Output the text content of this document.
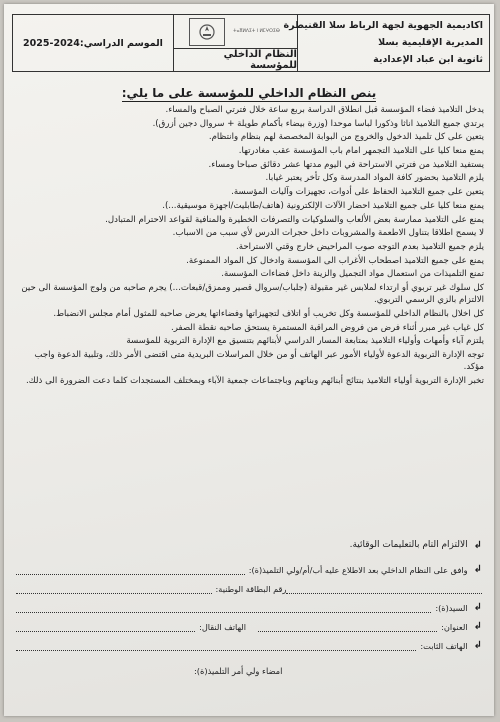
اكاديمية الجهوية لجهة الرباط سلا القنيطرة
المديرية الإقليمية بسلا
ثانوية ابن عباد الإعدادية
ⵜⴰⴳⵍⴷⵉⵜ ⵏ ⵍⵎⵖⵔⵉⴱ
النظام الداخلي للمؤسسة
الموسم الدراسي:2024-2025
ينص النظام الداخلي للمؤسسة على ما يلي:

يدخل التلاميذ فضاء المؤسسة قبل انطلاق الدراسة بربع ساعة خلال فترتي الصباح والمساء.

يرتدي جميع التلاميذ اناثا وذكورا لباسا موحدا (وزرة بيضاء بأكمام طويلة + سروال دجين أزرق).

يتعين على كل تلميذ الدخول والخروج من البوابة المخصصة لهم بنظام وانتظام.

يمنع منعا كليا على التلاميذ التجمهر امام باب المؤسسة عقب مغادرتها.

يستفيد التلاميذ من فترتي الاستراحة في اليوم مدتها عشر دقائق صباحا ومساء.

يلزم التلاميذ بحضور كافة المواد المدرسة وكل تأخر يعتبر غيابا.

يتعين على جميع التلاميذ الحفاظ على أدوات، تجهيزات وآليات المؤسسة.

يمنع منعا كليا على جميع التلاميذ احضار الآلات الإلكترونية (هاتف/طابليت/اجهزة موسيقية...).

يمنع على التلاميذ ممارسة بعض الألعاب والسلوكيات والتصرفات الخطيرة والمنافية لقواعد الاحترام المتبادل.

لا يسمح اطلاقا بتناول الاطعمة والمشروبات داخل حجرات الدرس لأي سبب من الاسباب.

يلزم جميع التلاميذ بعدم التوجه صوب المراحيض خارج وقتي الاستراحة.

يمنع على جميع التلاميذ اصطحاب الأغراب الى المؤسسة وادخال كل المواد الممنوعة.

تمنع التلميذات من استعمال مواد التجميل والزينة داخل فضاءات المؤسسة.

كل سلوك غير تربوي أو ارتداء لملابس غير مقبولة (جلباب/سروال قصير وممزق/قبعات...) يجرم صاحبه من ولوج المؤسسة الى حين الالتزام بالزي الرسمي التربوي.

كل اخلال بالنظام الداخلي للمؤسسة وكل تخريب أو اتلاف لتجهيزاتها وفضاءاتها يعرض صاحبه للمثول أمام مجلس الانضباط.

كل غياب غير مبرر أثناء فرض من فروض المراقبة المستمرة يستحق صاحبه نقطة الصفر.

يلتزم آباء وأمهات وأولياء التلاميذ بمتابعة المسار الدراسي لأبنائهم بتنسيق مع الإدارة التربوية للمؤسسة

توجه الإدارة التربوية الدعوة لأولياء الأمور عبر الهاتف أو من خلال المراسلات البريدية متى اقتضى الأمر ذلك، وتلبية الدعوة واجب مؤكد.

تخبر الإدارة التربوية أولياء التلاميذ بنتائج أبنائهم وبناتهم وباجتماعات جمعية الآباء وبمختلف المستجدات كلما دعت الضرورة الى ذلك.

↲
الالتزام التام بالتعليمات الوقائية.
↲
وافق على النظام الداخلي بعد الاطلاع عليه أب/أم/ولي التلميذ(ة):
رقم البطاقة الوطنية:
↲
السيد(ة):
↲
العنوان:
الهاتف النقال:
↲
الهاتف الثابت:
امضاء ولي أمر التلميذ(ة):
